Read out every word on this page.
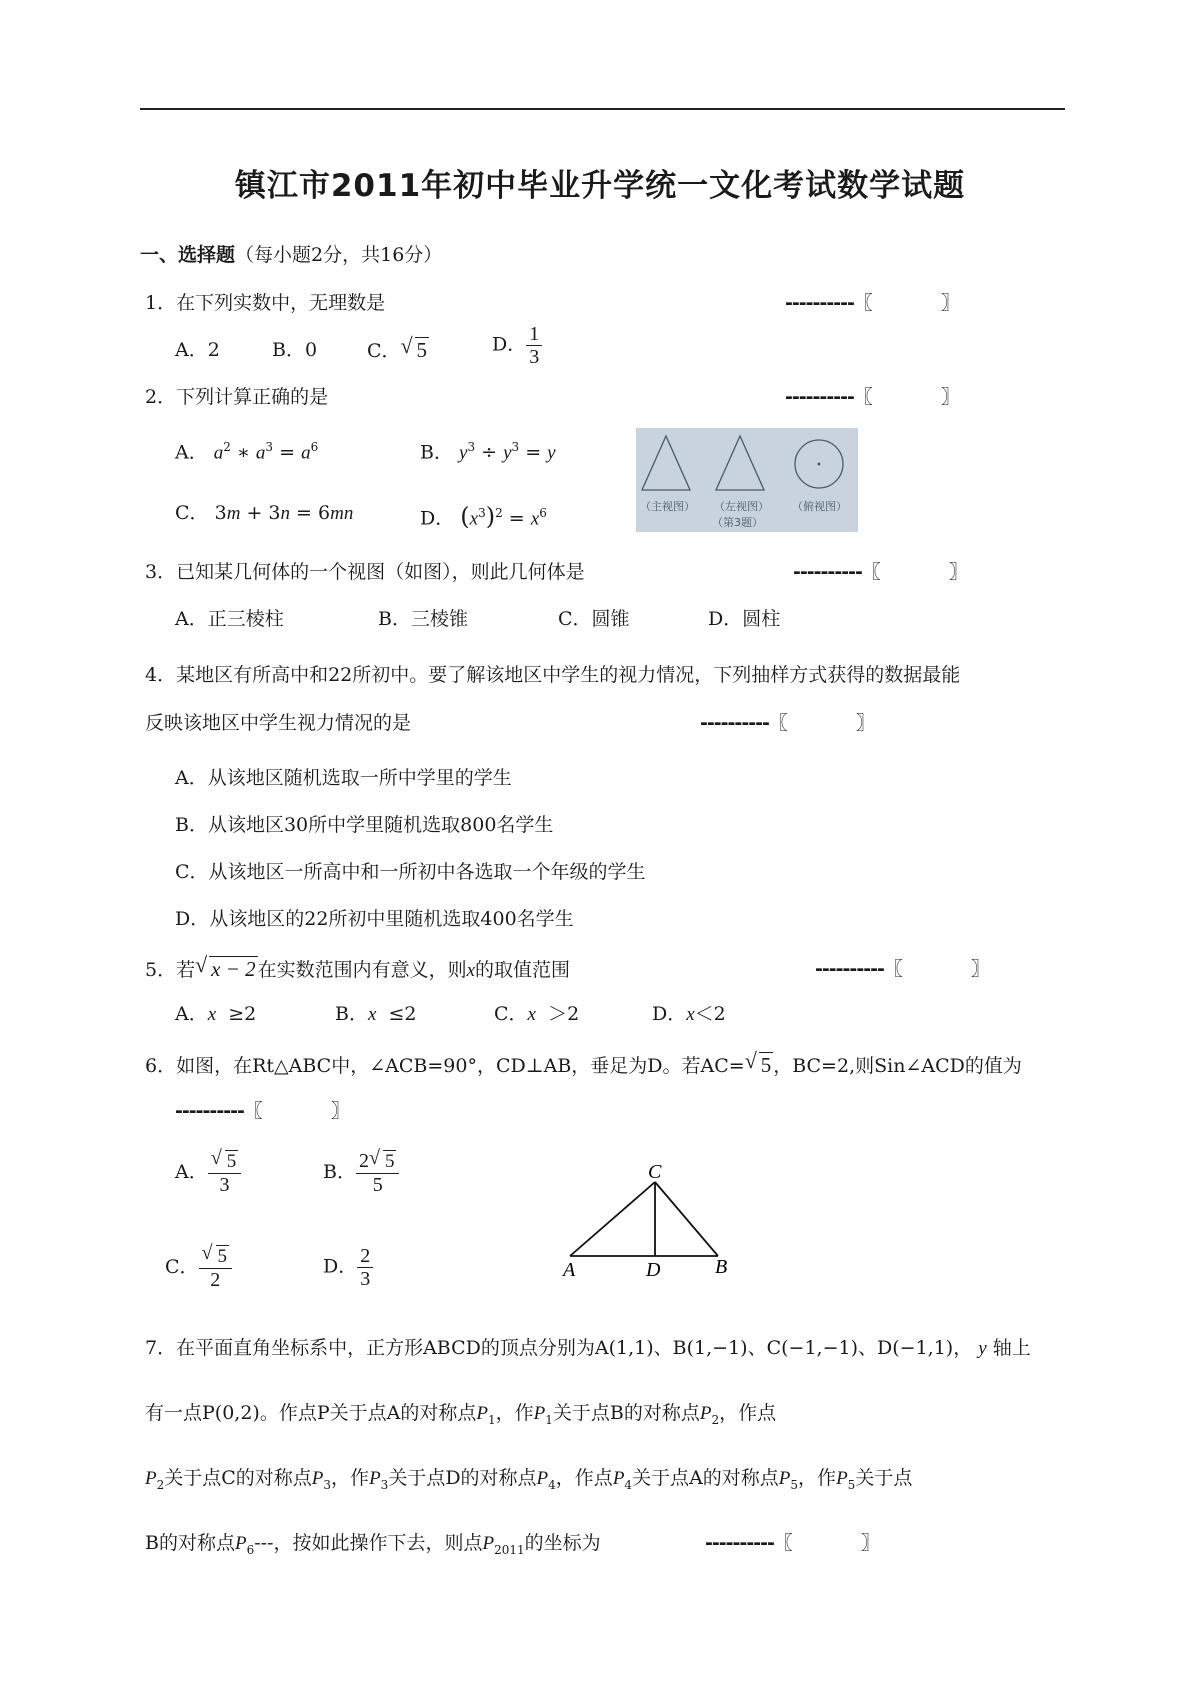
镇江市2011年初中毕业升学统一文化考试数学试题
一、选择题（每小题2分，共16分）
1．在下列实数中，无理数是	----------〖	〗
A．2	B．0	C． √ 5	D． $\frac{1}{3}$
2．下列计算正确的是	----------〖	〗
A． $a^2$ ∗ $a^3 = a^6$	B． $y^3 \div y^3 = y$
C． 3m + 3n = 6mn	D． $(x^3)^2 = x^6$	（主视图） （左视图） （俯视图）
（第3题）
3．已知某几何体的一个视图（如图），则此几何体是	----------〖	〗
A．正三棱柱	B．三棱锥	C．圆锥	D．圆柱
4．某地区有所高中和22所初中。要了解该地区中学生的视力情况，下列抽样方式获得的数据最能
反映该地区中学生视力情况的是	----------〖	〗
A．从该地区随机选取一所中学里的学生
B．从该地区30所中学里随机选取800名学生
C．从该地区一所高中和一所初中各选取一个年级的学生
D．从该地区的22所初中里随机选取400名学生
5．若 √ x − 2 在实数范围内有意义，则x的取值范围	----------〖	〗
A．x ≥2	B．x ≤2	C．x ＞2	D．x＜2
6．如图，在Rt△ABC中，∠ACB=90°，CD⊥AB，垂足为D。若AC= √ 5 ，BC=2,则Sin∠ACD的值为
----------〖	〗
A． $\frac{√ 5}{3}$	B． $\frac{2 √ 5}{5}$
C． $\frac{√ 5}{2}$	D． $\frac{2}{3}$
C
A	D	B
7．在平面直角坐标系中，正方形ABCD的顶点分别为A(1,1)、B(1,−1)、C(−1,−1)、D(−1,1)， y 轴上
有一点P(0,2)。作点P关于点A的对称点$P_1$，作$P_1$关于点B的对称点$P_2$，作点
$P_2$关于点C的对称点$P_3$，作$P_3$关于点D的对称点$P_4$，作点$P_4$关于点A的对称点$P_5$，作$P_5$关于点
B的对称点$P_6---$，按如此操作下去，则点$P_{2011}$的坐标为	----------〖	〗
